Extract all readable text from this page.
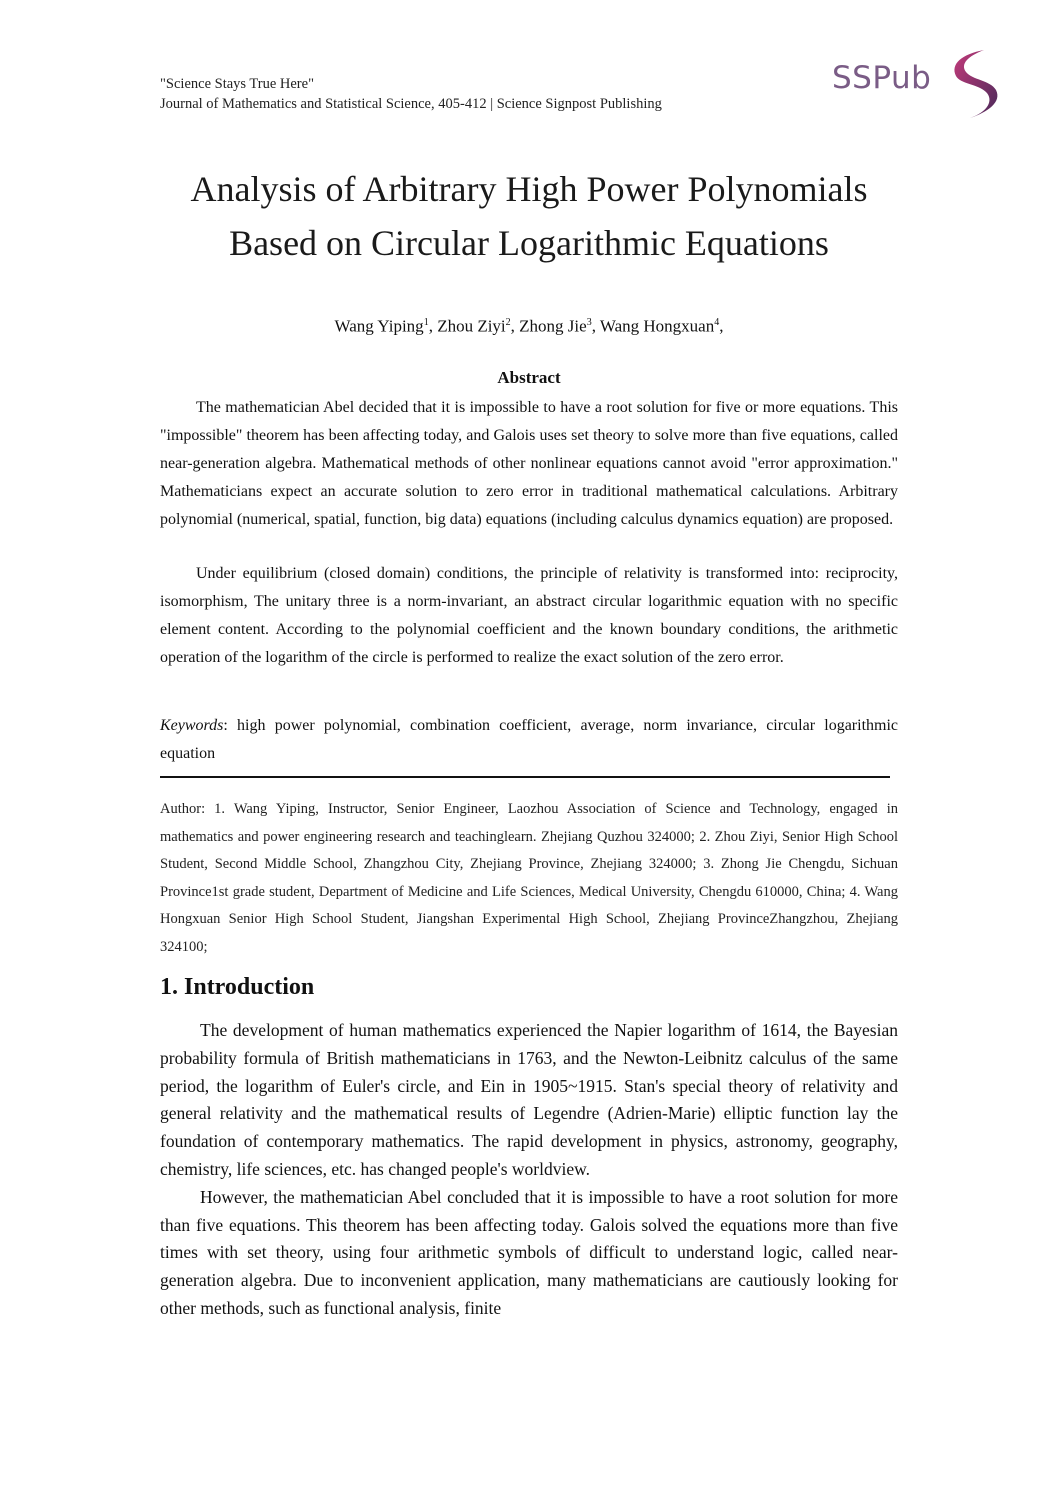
"Science Stays True Here"
Journal of Mathematics and Statistical Science, 405-412 | Science Signpost Publishing
SSPub
Analysis of Arbitrary High Power Polynomials
Based on Circular Logarithmic Equations
Wang Yiping$^1$, Zhou Ziyi$^2$, Zhong Jie$^3$, Wang Hongxuan$^4$,
Abstract

The mathematician Abel decided that it is impossible to have a root solution for five or more equations. This "impossible" theorem has been affecting today, and Galois uses set theory to solve more than five equations, called near-generation algebra. Mathematical methods of other nonlinear equations cannot avoid "error approximation." Mathematicians expect an accurate solution to zero error in traditional mathematical calculations. Arbitrary polynomial (numerical, spatial, function, big data) equations (including calculus dynamics equation) are proposed.

Under equilibrium (closed domain) conditions, the principle of relativity is transformed into: reciprocity, isomorphism, The unitary three is a norm-invariant, an abstract circular logarithmic equation with no specific element content. According to the polynomial coefficient and the known boundary conditions, the arithmetic operation of the logarithm of the circle is performed to realize the exact solution of the zero error.

Keywords: high power polynomial, combination coefficient, average, norm invariance, circular logarithmic equation

Author: 1. Wang Yiping, Instructor, Senior Engineer, Laozhou Association of Science and Technology, engaged in mathematics and power engineering research and teachinglearn. Zhejiang Quzhou 324000; 2. Zhou Ziyi, Senior High School Student, Second Middle School, Zhangzhou City, Zhejiang Province, Zhejiang 324000; 3. Zhong Jie Chengdu, Sichuan Province1st grade student, Department of Medicine and Life Sciences, Medical University, Chengdu 610000, China; 4. Wang Hongxuan Senior High School Student, Jiangshan Experimental High School, Zhejiang ProvinceZhangzhou, Zhejiang 324100;
1. Introduction

The development of human mathematics experienced the Napier logarithm of 1614, the Bayesian probability formula of British mathematicians in 1763, and the Newton-Leibnitz calculus of the same period, the logarithm of Euler's circle, and Ein in 1905~1915. Stan's special theory of relativity and general relativity and the mathematical results of Legendre (Adrien-Marie) elliptic function lay the foundation of contemporary mathematics. The rapid development in physics, astronomy, geography, chemistry, life sciences, etc. has changed people's worldview.

However, the mathematician Abel concluded that it is impossible to have a root solution for more than five equations. This theorem has been affecting today. Galois solved the equations more than five times with set theory, using four arithmetic symbols of difficult to understand logic, called near-generation algebra. Due to inconvenient application, many mathematicians are cautiously looking for other methods, such as functional analysis, finite
